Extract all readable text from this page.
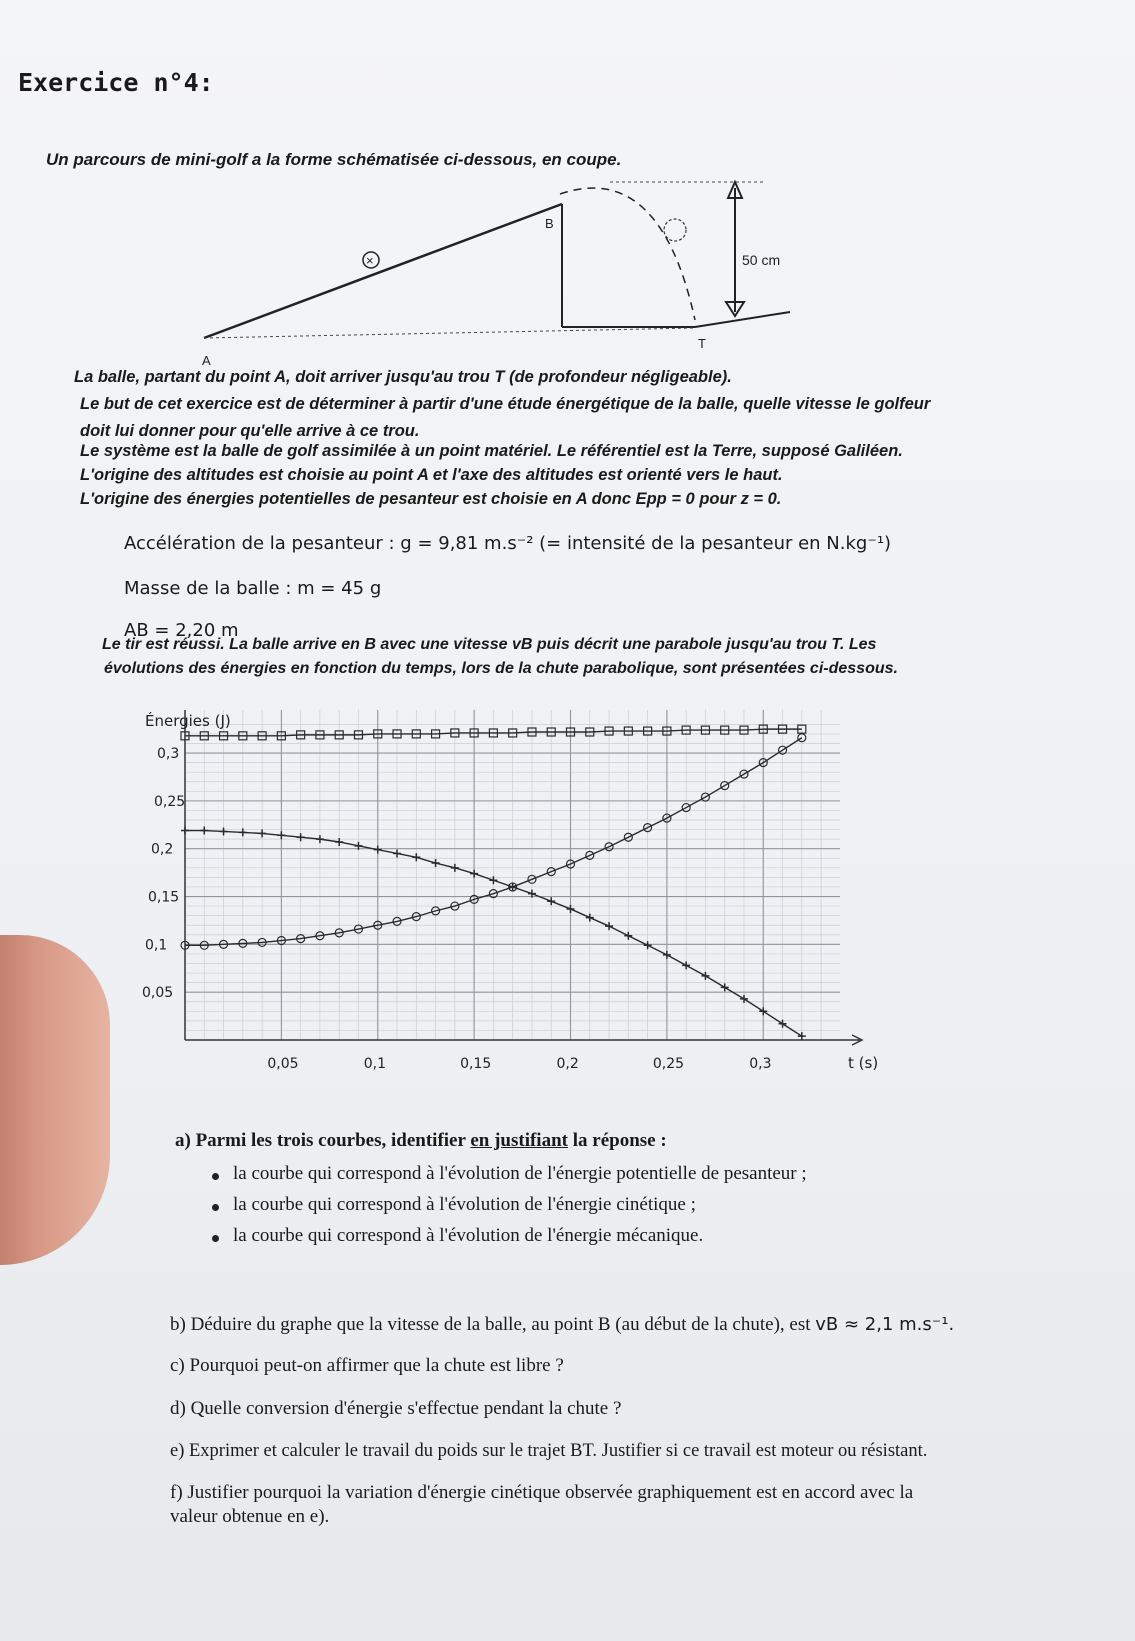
Exercice n°4:
Un parcours de mini-golf a la forme schématisée ci-dessous, en coupe.
×
B
A
T
50 cm
La balle, partant du point A, doit arriver jusqu'au trou T (de profondeur négligeable).
Le but de cet exercice est de déterminer à partir d'une étude énergétique de la balle, quelle vitesse le golfeur
doit lui donner pour qu'elle arrive à ce trou.
Le système est la balle de golf assimilée à un point matériel. Le référentiel est la Terre, supposé Galiléen.
L'origine des altitudes est choisie au point A et l'axe des altitudes est orienté vers le haut.
L'origine des énergies potentielles de pesanteur est choisie en A donc Epp = 0 pour z = 0.
Accélération de la pesanteur : g = 9,81 m.s⁻² (= intensité de la pesanteur en N.kg⁻¹)
Masse de la balle : m = 45 g
AB = 2,20 m
Le tir est réussi. La balle arrive en B avec une vitesse vB puis décrit une parabole jusqu'au trou T. Les
évolutions des énergies en fonction du temps, lors de la chute parabolique, sont présentées ci-dessous.
Énergies (J)
t (s)
0,05	0,1	0,15	0,2	0,25	0,3
0,05
0,1
0,15
0,2
0,25
0,3
a) Parmi les trois courbes, identifier en justifiant la réponse :
la courbe qui correspond à l'évolution de l'énergie potentielle de pesanteur ;
la courbe qui correspond à l'évolution de l'énergie cinétique ;
la courbe qui correspond à l'évolution de l'énergie mécanique.
b) Déduire du graphe que la vitesse de la balle, au point B (au début de la chute), est vB ≈ 2,1 m.s⁻¹.
c) Pourquoi peut-on affirmer que la chute est libre ?
d) Quelle conversion d'énergie s'effectue pendant la chute ?
e) Exprimer et calculer le travail du poids sur le trajet BT. Justifier si ce travail est moteur ou résistant.
f) Justifier pourquoi la variation d'énergie cinétique observée graphiquement est en accord avec la
valeur obtenue en e).
